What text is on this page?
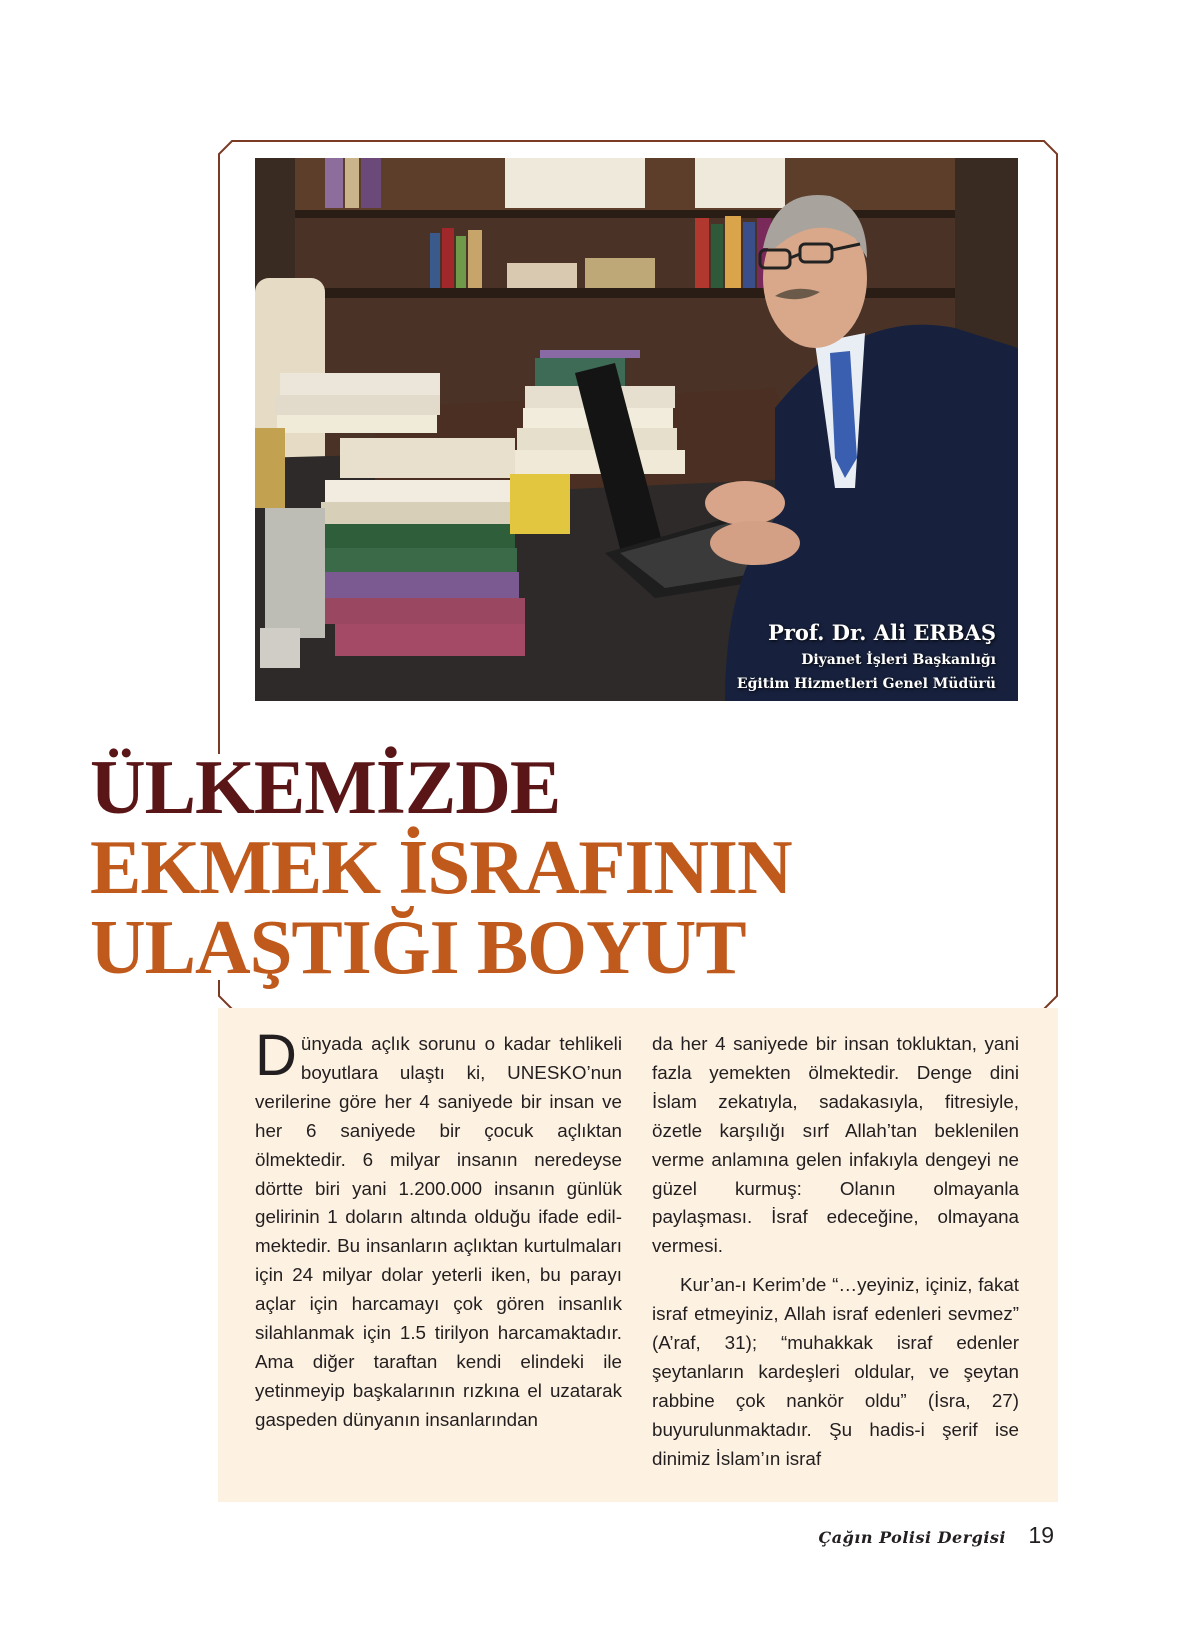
Prof. Dr. Ali ERBAŞ
Diyanet İşleri Başkanlığı
Eğitim Hizmetleri Genel Müdürü
ÜLKEMİZDE
EKMEK İSRAFININ
ULAŞTIĞI BOYUT

Dünyada açlık sorunu o kadar tehlikeli boyutlara ulaştı ki, UNESKO’nun verilerine göre her 4 saniyede bir insan ve her 6 saniyede bir çocuk açlıktan ölmektedir. 6 milyar insanın neredeyse dörtte biri yani 1.200.000 insanın günlük gelirinin 1 doların altında olduğu ifade edilmektedir. Bu insanların açlıktan kurtulmaları için 24 milyar dolar yeterli iken, bu parayı açlar için harcamayı çok gören insanlık silahlanmak için 1.5 tirilyon harcamaktadır. Ama diğer taraftan kendi elindeki ile yetinmeyip başkalarının rızkına el uzatarak gaspeden dünyanın insanlarından

da her 4 saniyede bir insan tokluktan, yani fazla yemekten ölmektedir. Denge dini İslam zekatıyla, sadakasıyla, fitresiyle, özetle karşılığı sırf Allah’tan beklenilen verme anlamına gelen infakıyla dengeyi ne güzel kurmuş: Olanın olmayanla paylaşması. İsraf edeceğine, olmayana vermesi.

Kur’an-ı Kerim’de “…yeyiniz, içiniz, fakat israf etmeyiniz, Allah israf edenleri sevmez” (A’raf, 31); “muhakkak israf edenler şeytanların kardeşleri oldular, ve şeytan rabbine çok nankör oldu” (İsra, 27) buyurulunmaktadır. Şu hadis-i şerif ise dinimiz İslam’ın israf

Çağın Polisi Dergisi 19
